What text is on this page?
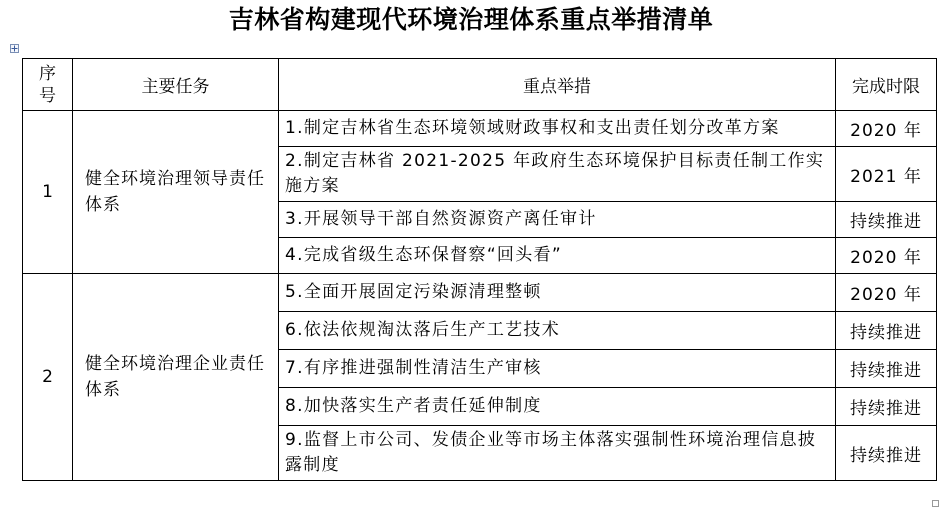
吉林省构建现代环境治理体系重点举措清单
序号	主要任务	重点举措	完成时限
1	健全环境治理领导责任体系	1.制定吉林省生态环境领域财政事权和支出责任划分改革方案	2020 年
		2.制定吉林省 2021-2025 年政府生态环境保护目标责任制工作实施方案	2021 年
		3.开展领导干部自然资源资产离任审计	持续推进
		4.完成省级生态环保督察“回头看”	2020 年
2	健全环境治理企业责任体系	5.全面开展固定污染源清理整顿	2020 年
		6.依法依规淘汰落后生产工艺技术	持续推进
		7.有序推进强制性清洁生产审核	持续推进
		8.加快落实生产者责任延伸制度	持续推进
		9.监督上市公司、发债企业等市场主体落实强制性环境治理信息披露制度	持续推进
